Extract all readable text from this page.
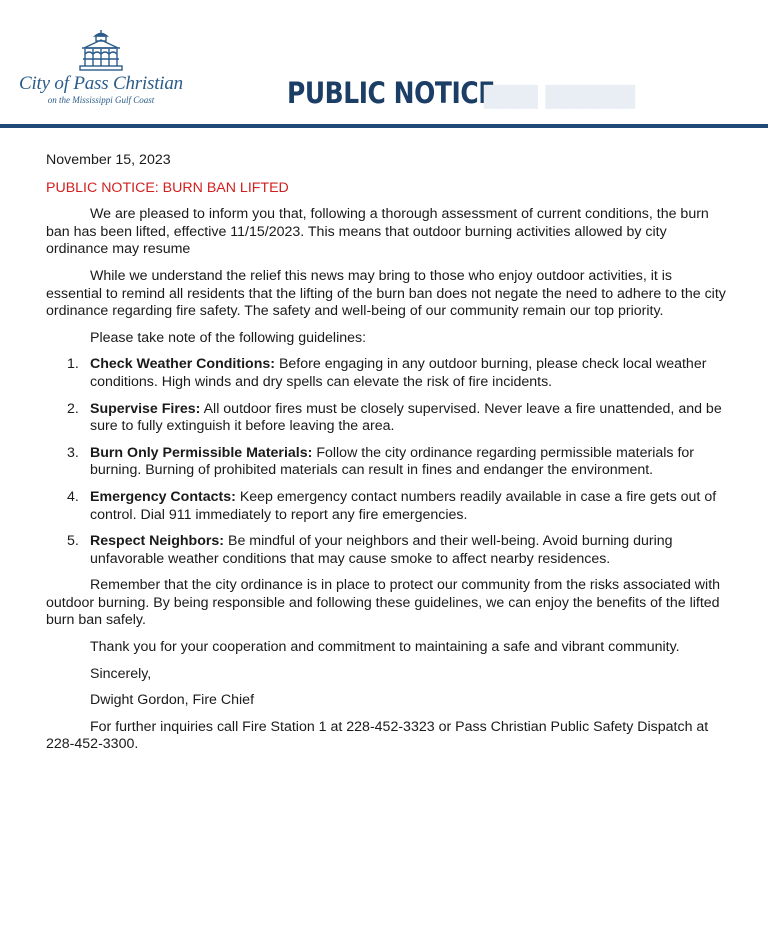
City of Pass Christian
on the Mississippi Gulf Coast	PUBLIC NOTICE
▆▆▆ ▆▆▆▆▆
November 15, 2023
PUBLIC NOTICE: BURN BAN LIFTED

We are pleased to inform you that, following a thorough assessment of current conditions, the burn ban has been lifted, effective 11/15/2023. This means that outdoor burning activities allowed by city ordinance may resume

While we understand the relief this news may bring to those who enjoy outdoor activities, it is essential to remind all residents that the lifting of the burn ban does not negate the need to adhere to the city ordinance regarding fire safety. The safety and well-being of our community remain our top priority.

Please take note of the following guidelines:

1. Check Weather Conditions: Before engaging in any outdoor burning, please check local weather conditions. High winds and dry spells can elevate the risk of fire incidents.
2. Supervise Fires: All outdoor fires must be closely supervised. Never leave a fire unattended, and be sure to fully extinguish it before leaving the area.
3. Burn Only Permissible Materials: Follow the city ordinance regarding permissible materials for burning. Burning of prohibited materials can result in fines and endanger the environment.
4. Emergency Contacts: Keep emergency contact numbers readily available in case a fire gets out of control. Dial 911 immediately to report any fire emergencies.
5. Respect Neighbors: Be mindful of your neighbors and their well-being. Avoid burning during unfavorable weather conditions that may cause smoke to affect nearby residences.

Remember that the city ordinance is in place to protect our community from the risks associated with outdoor burning. By being responsible and following these guidelines, we can enjoy the benefits of the lifted burn ban safely.

Thank you for your cooperation and commitment to maintaining a safe and vibrant community.

Sincerely,

Dwight Gordon, Fire Chief

For further inquiries call Fire Station 1 at 228-452-3323 or Pass Christian Public Safety Dispatch at 228-452-3300.
